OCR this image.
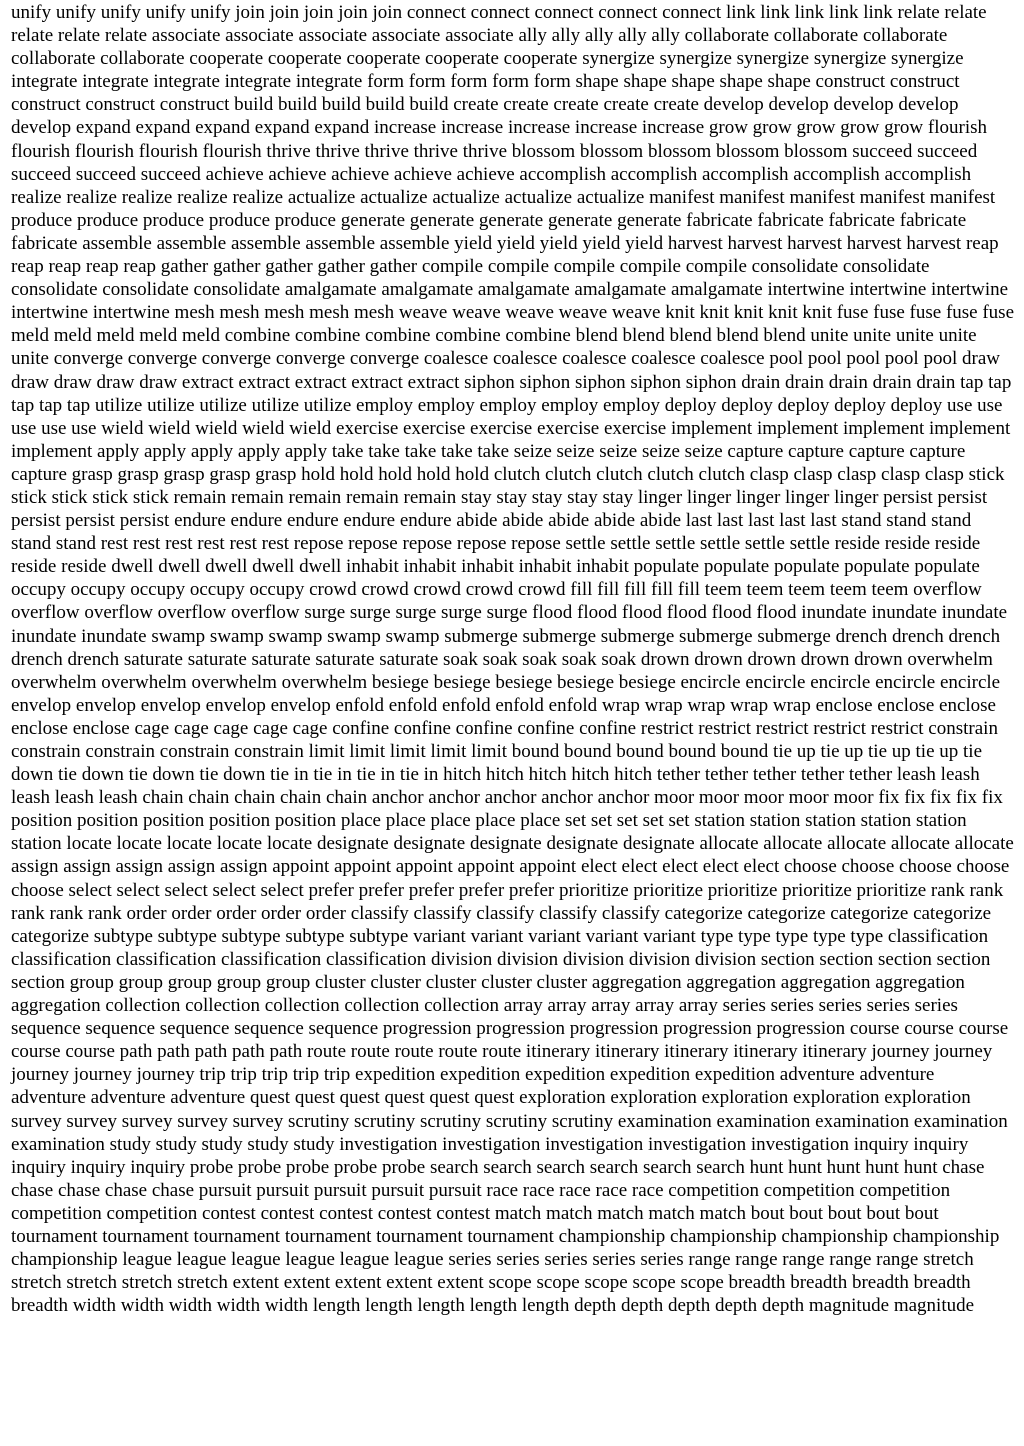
unify unify unify unify unify join join join join join connect connect connect connect connect link link link link link relate relate relate relate relate associate associate associate associate associate ally ally ally ally ally collaborate collaborate collaborate collaborate collaborate cooperate cooperate cooperate cooperate cooperate synergize synergize synergize synergize synergize integrate integrate integrate integrate integrate form form form form form shape shape shape shape shape construct construct construct construct construct build build build build build create create create create create develop develop develop develop develop expand expand expand expand expand increase increase increase increase increase grow grow grow grow grow flourish flourish flourish flourish flourish thrive thrive thrive thrive thrive blossom blossom blossom blossom blossom succeed succeed succeed succeed succeed achieve achieve achieve achieve achieve accomplish accomplish accomplish accomplish accomplish realize realize realize realize realize actualize actualize actualize actualize actualize manifest manifest manifest manifest manifest produce produce produce produce produce generate generate generate generate generate fabricate fabricate fabricate fabricate fabricate assemble assemble assemble assemble assemble yield yield yield yield yield harvest harvest harvest harvest harvest reap reap reap reap reap gather gather gather gather gather compile compile compile compile compile consolidate consolidate consolidate consolidate consolidate amalgamate amalgamate amalgamate amalgamate amalgamate intertwine intertwine intertwine intertwine intertwine mesh mesh mesh mesh mesh weave weave weave weave weave knit knit knit knit knit fuse fuse fuse fuse fuse meld meld meld meld meld combine combine combine combine combine blend blend blend blend blend unite unite unite unite unite converge converge converge converge converge coalesce coalesce coalesce coalesce coalesce pool pool pool pool pool draw draw draw draw draw extract extract extract extract extract siphon siphon siphon siphon siphon drain drain drain drain drain tap tap tap tap tap utilize utilize utilize utilize utilize employ employ employ employ employ deploy deploy deploy deploy deploy use use use use use wield wield wield wield wield exercise exercise exercise exercise exercise implement implement implement implement implement apply apply apply apply apply take take take take take seize seize seize seize seize capture capture capture capture capture grasp grasp grasp grasp grasp hold hold hold hold hold clutch clutch clutch clutch clutch clasp clasp clasp clasp clasp stick stick stick stick stick remain remain remain remain remain stay stay stay stay stay linger linger linger linger linger persist persist persist persist persist endure endure endure endure endure abide abide abide abide abide last last last last last stand stand stand stand stand rest rest rest rest rest rest repose repose repose repose repose settle settle settle settle settle settle reside reside reside reside reside dwell dwell dwell dwell dwell inhabit inhabit inhabit inhabit inhabit populate populate populate populate populate occupy occupy occupy occupy occupy crowd crowd crowd crowd crowd fill fill fill fill fill teem teem teem teem teem overflow overflow overflow overflow overflow surge surge surge surge surge flood flood flood flood flood flood inundate inundate inundate inundate inundate swamp swamp swamp swamp swamp submerge submerge submerge submerge submerge drench drench drench drench drench saturate saturate saturate saturate saturate soak soak soak soak soak drown drown drown drown drown overwhelm overwhelm overwhelm overwhelm overwhelm besiege besiege besiege besiege besiege encircle encircle encircle encircle encircle envelop envelop envelop envelop envelop enfold enfold enfold enfold enfold wrap wrap wrap wrap wrap enclose enclose enclose enclose enclose cage cage cage cage cage confine confine confine confine confine restrict restrict restrict restrict restrict constrain constrain constrain constrain constrain limit limit limit limit limit bound bound bound bound bound tie up tie up tie up tie up tie down tie down tie down tie down tie in tie in tie in tie in hitch hitch hitch hitch hitch tether tether tether tether tether leash leash leash leash leash chain chain chain chain chain anchor anchor anchor anchor anchor moor moor moor moor moor fix fix fix fix fix position position position position position place place place place place set set set set set station station station station station station locate locate locate locate locate designate designate designate designate designate allocate allocate allocate allocate allocate assign assign assign assign assign appoint appoint appoint appoint appoint elect elect elect elect elect choose choose choose choose choose select select select select select prefer prefer prefer prefer prefer prioritize prioritize prioritize prioritize prioritize rank rank rank rank rank order order order order order classify classify classify classify classify categorize categorize categorize categorize categorize subtype subtype subtype subtype subtype variant variant variant variant variant type type type type type classification classification classification classification classification division division division division division section section section section section group group group group group cluster cluster cluster cluster cluster aggregation aggregation aggregation aggregation aggregation collection collection collection collection collection array array array array array series series series series series sequence sequence sequence sequence sequence progression progression progression progression progression course course course course course path path path path path route route route route route itinerary itinerary itinerary itinerary itinerary journey journey journey journey journey trip trip trip trip trip expedition expedition expedition expedition expedition adventure adventure adventure adventure adventure quest quest quest quest quest quest exploration exploration exploration exploration exploration survey survey survey survey survey scrutiny scrutiny scrutiny scrutiny scrutiny examination examination examination examination examination study study study study study investigation investigation investigation investigation investigation inquiry inquiry inquiry inquiry inquiry probe probe probe probe probe search search search search search search hunt hunt hunt hunt hunt chase chase chase chase chase pursuit pursuit pursuit pursuit pursuit race race race race race competition competition competition competition competition contest contest contest contest contest match match match match match bout bout bout bout bout tournament tournament tournament tournament tournament tournament championship championship championship championship championship league league league league league league series series series series series range range range range range stretch stretch stretch stretch stretch extent extent extent extent extent scope scope scope scope scope breadth breadth breadth breadth breadth width width width width width length length length length length depth depth depth depth depth magnitude magnitude
